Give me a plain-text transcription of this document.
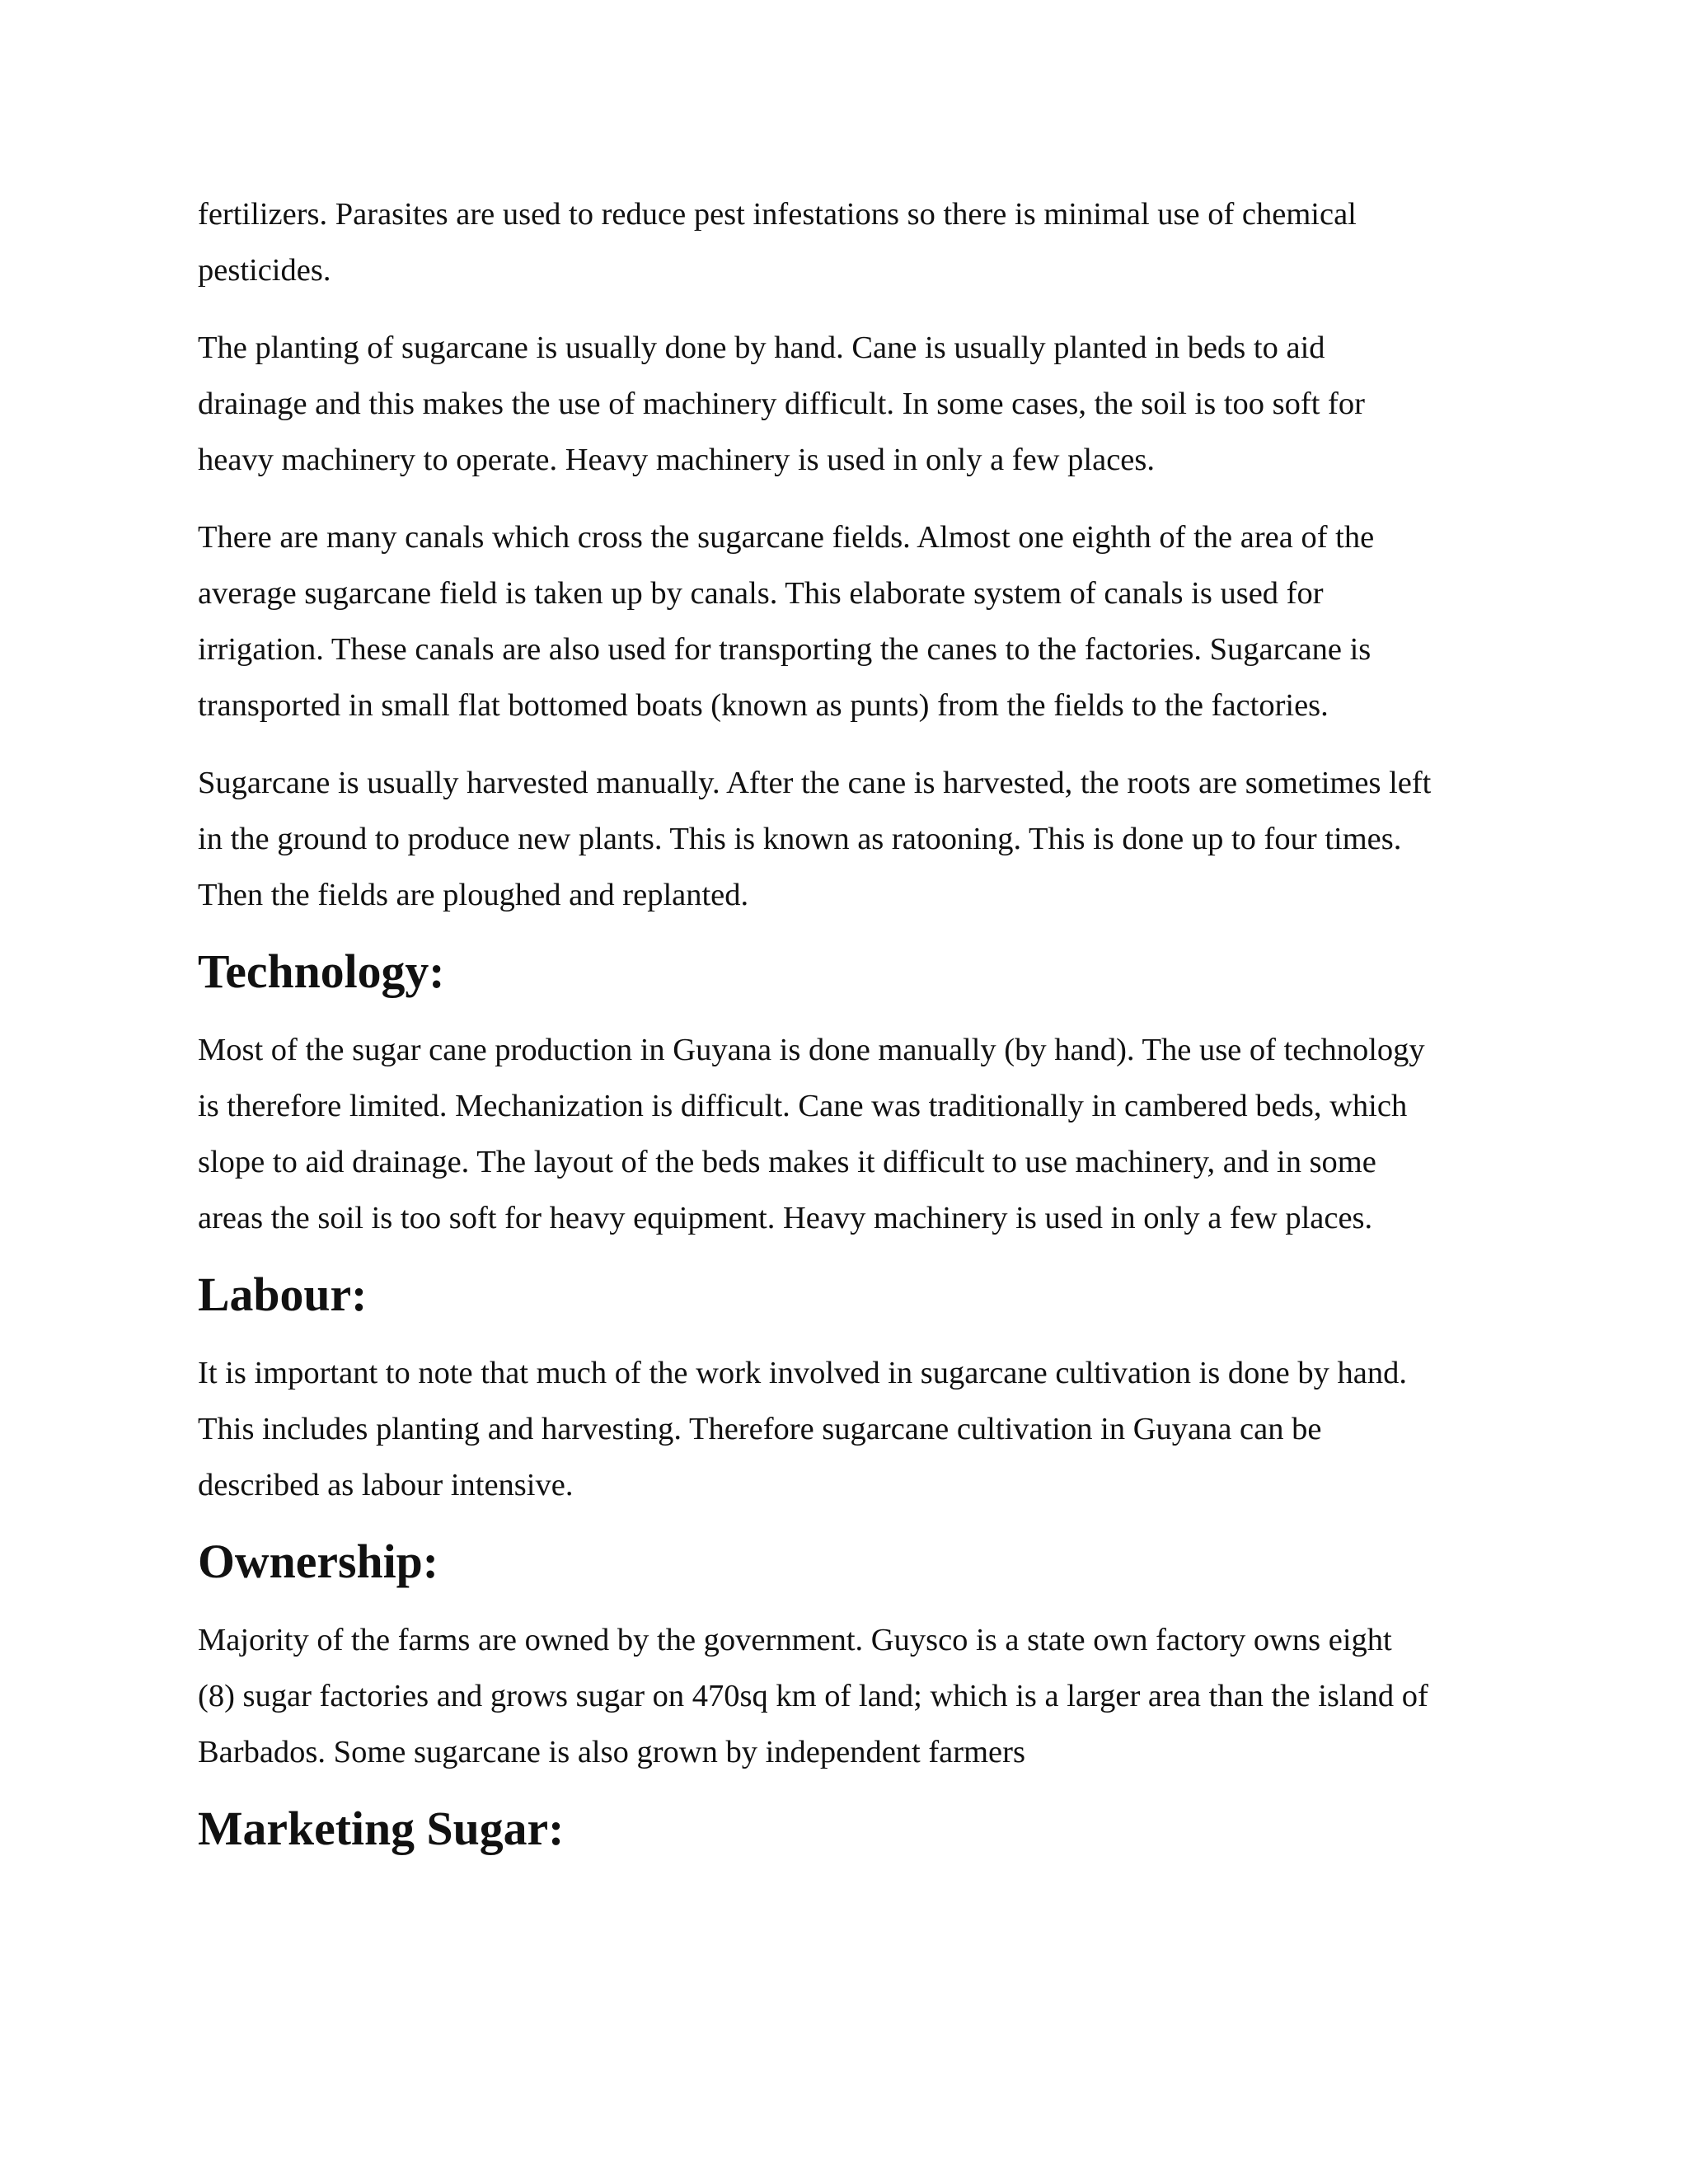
fertilizers. Parasites are used to reduce pest infestations so there is minimal use of chemical
pesticides.

The planting of sugarcane is usually done by hand. Cane is usually planted in beds to aid
drainage and this makes the use of machinery difficult. In some cases, the soil is too soft for
heavy machinery to operate. Heavy machinery is used in only a few places.

There are many canals which cross the sugarcane fields. Almost one eighth of the area of the
average sugarcane field is taken up by canals. This elaborate system of canals is used for
irrigation. These canals are also used for transporting the canes to the factories. Sugarcane is
transported in small flat bottomed boats (known as punts) from the fields to the factories.

Sugarcane is usually harvested manually. After the cane is harvested, the roots are sometimes left
in the ground to produce new plants. This is known as ratooning. This is done up to four times.
Then the fields are ploughed and replanted.

Technology:

Most of the sugar cane production in Guyana is done manually (by hand). The use of technology
is therefore limited. Mechanization is difficult. Cane was traditionally in cambered beds, which
slope to aid drainage. The layout of the beds makes it difficult to use machinery, and in some
areas the soil is too soft for heavy equipment. Heavy machinery is used in only a few places.

Labour:

It is important to note that much of the work involved in sugarcane cultivation is done by hand.
This includes planting and harvesting. Therefore sugarcane cultivation in Guyana can be
described as labour intensive.

Ownership:

Majority of the farms are owned by the government. Guysco is a state own factory owns eight
(8) sugar factories and grows sugar on 470sq km of land; which is a larger area than the island of
Barbados. Some sugarcane is also grown by independent farmers

Marketing Sugar:
